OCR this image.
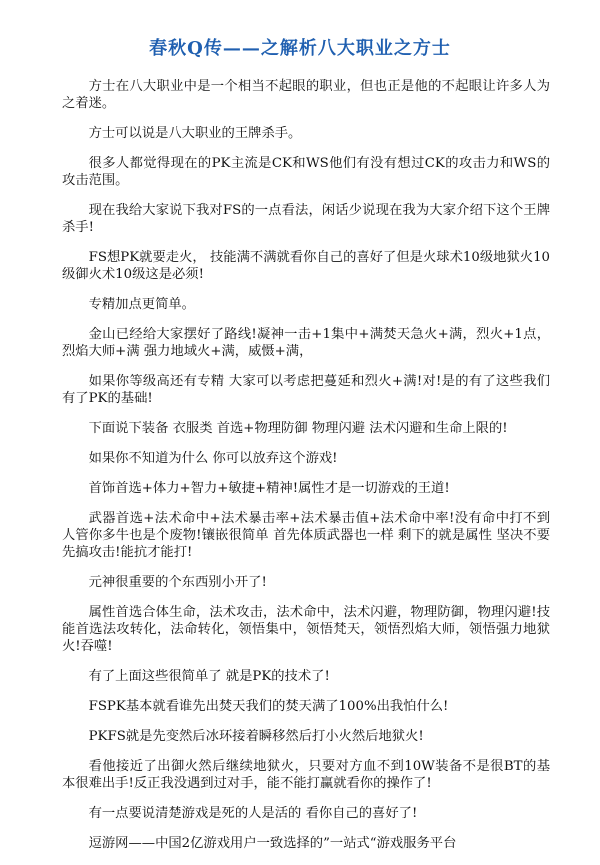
春秋Q传——之解析八大职业之方士

方士在八大职业中是一个相当不起眼的职业，但也正是他的不起眼让许多人为之着迷。

方士可以说是八大职业的王牌杀手。

很多人都觉得现在的PK主流是CK和WS他们有没有想过CK的攻击力和WS的攻击范围。

现在我给大家说下我对FS的一点看法，闲话少说现在我为大家介绍下这个王牌杀手!

FS想PK就要走火， 技能满不满就看你自己的喜好了但是火球术10级地狱火10级御火术10级这是必须!

专精加点更简单。

金山已经给大家摆好了路线!凝神一击+1集中+满焚天急火+满，烈火+1点，烈焰大师+满 强力地域火+满，威慑+满，

如果你等级高还有专精 大家可以考虑把蔓延和烈火+满!对!是的有了这些我们有了PK的基础!

下面说下装备 衣服类 首选+物理防御 物理闪避 法术闪避和生命上限的!

如果你不知道为什么 你可以放弃这个游戏!

首饰首选+体力+智力+敏捷+精神!属性才是一切游戏的王道!

武器首选+法术命中+法术暴击率+法术暴击值+法术命中率!没有命中打不到人管你多牛也是个废物!镶嵌很简单 首先体质武器也一样 剩下的就是属性 坚决不要先搞攻击!能抗才能打!

元神很重要的个东西别小开了!

属性首选合体生命，法术攻击，法术命中，法术闪避，物理防御，物理闪避!技能首选法攻转化，法命转化，领悟集中，领悟梵天，领悟烈焰大师，领悟强力地狱火!吞噬!

有了上面这些很简单了 就是PK的技术了!

FSPK基本就看谁先出焚天我们的焚天满了100%出我怕什么!

PKFS就是先变然后冰环接着瞬移然后打小火然后地狱火!

看他接近了出御火然后继续地狱火，只要对方血不到10W装备不是很BT的基本很难出手!反正我没遇到过对手，能不能打赢就看你的操作了!

有一点要说清楚游戏是死的人是活的 看你自己的喜好了!

逗游网——中国2亿游戏用户一致选择的”一站式“游戏服务平台
